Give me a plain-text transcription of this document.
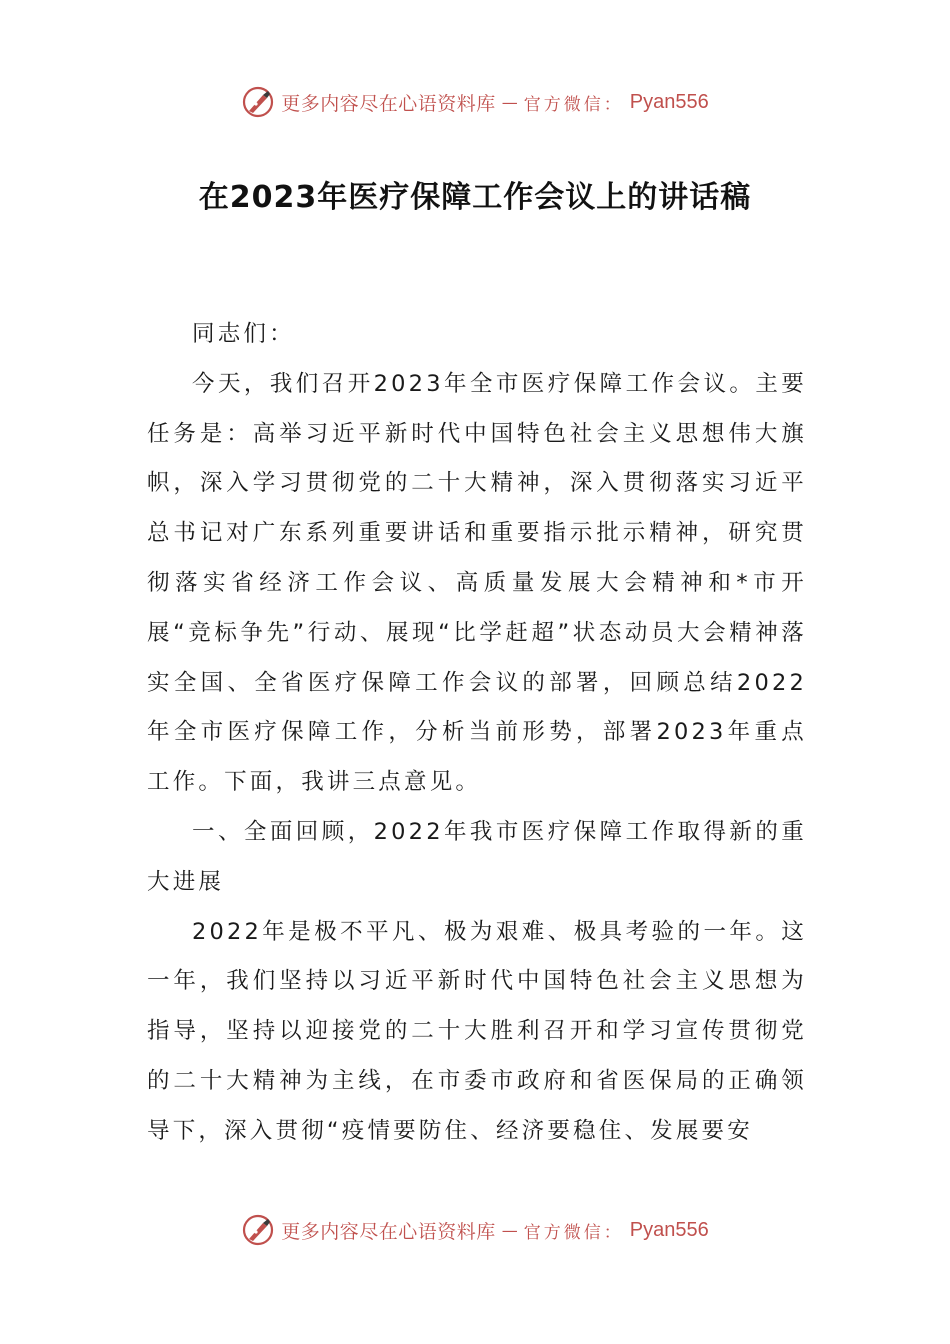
更多内容尽在心语资料库 — 官方微信： Pyan556
在2023年医疗保障工作会议上的讲话稿

同志们：

今天，我们召开2023年全市医疗保障工作会议。主要任务是：高举习近平新时代中国特色社会主义思想伟大旗帜，深入学习贯彻党的二十大精神，深入贯彻落实习近平总书记对广东系列重要讲话和重要指示批示精神，研究贯彻落实省经济工作会议、高质量发展大会精神和*市开展“竞标争先”行动、展现“比学赶超”状态动员大会精神落实全国、全省医疗保障工作会议的部署，回顾总结2022年全市医疗保障工作，分析当前形势，部署2023年重点工作。下面，我讲三点意见。

一、全面回顾，2022年我市医疗保障工作取得新的重大进展

2022年是极不平凡、极为艰难、极具考验的一年。这一年，我们坚持以习近平新时代中国特色社会主义思想为指导，坚持以迎接党的二十大胜利召开和学习宣传贯彻党的二十大精神为主线，在市委市政府和省医保局的正确领导下，深入贯彻“疫情要防住、经济要稳住、发展要安

更多内容尽在心语资料库 — 官方微信： Pyan556
